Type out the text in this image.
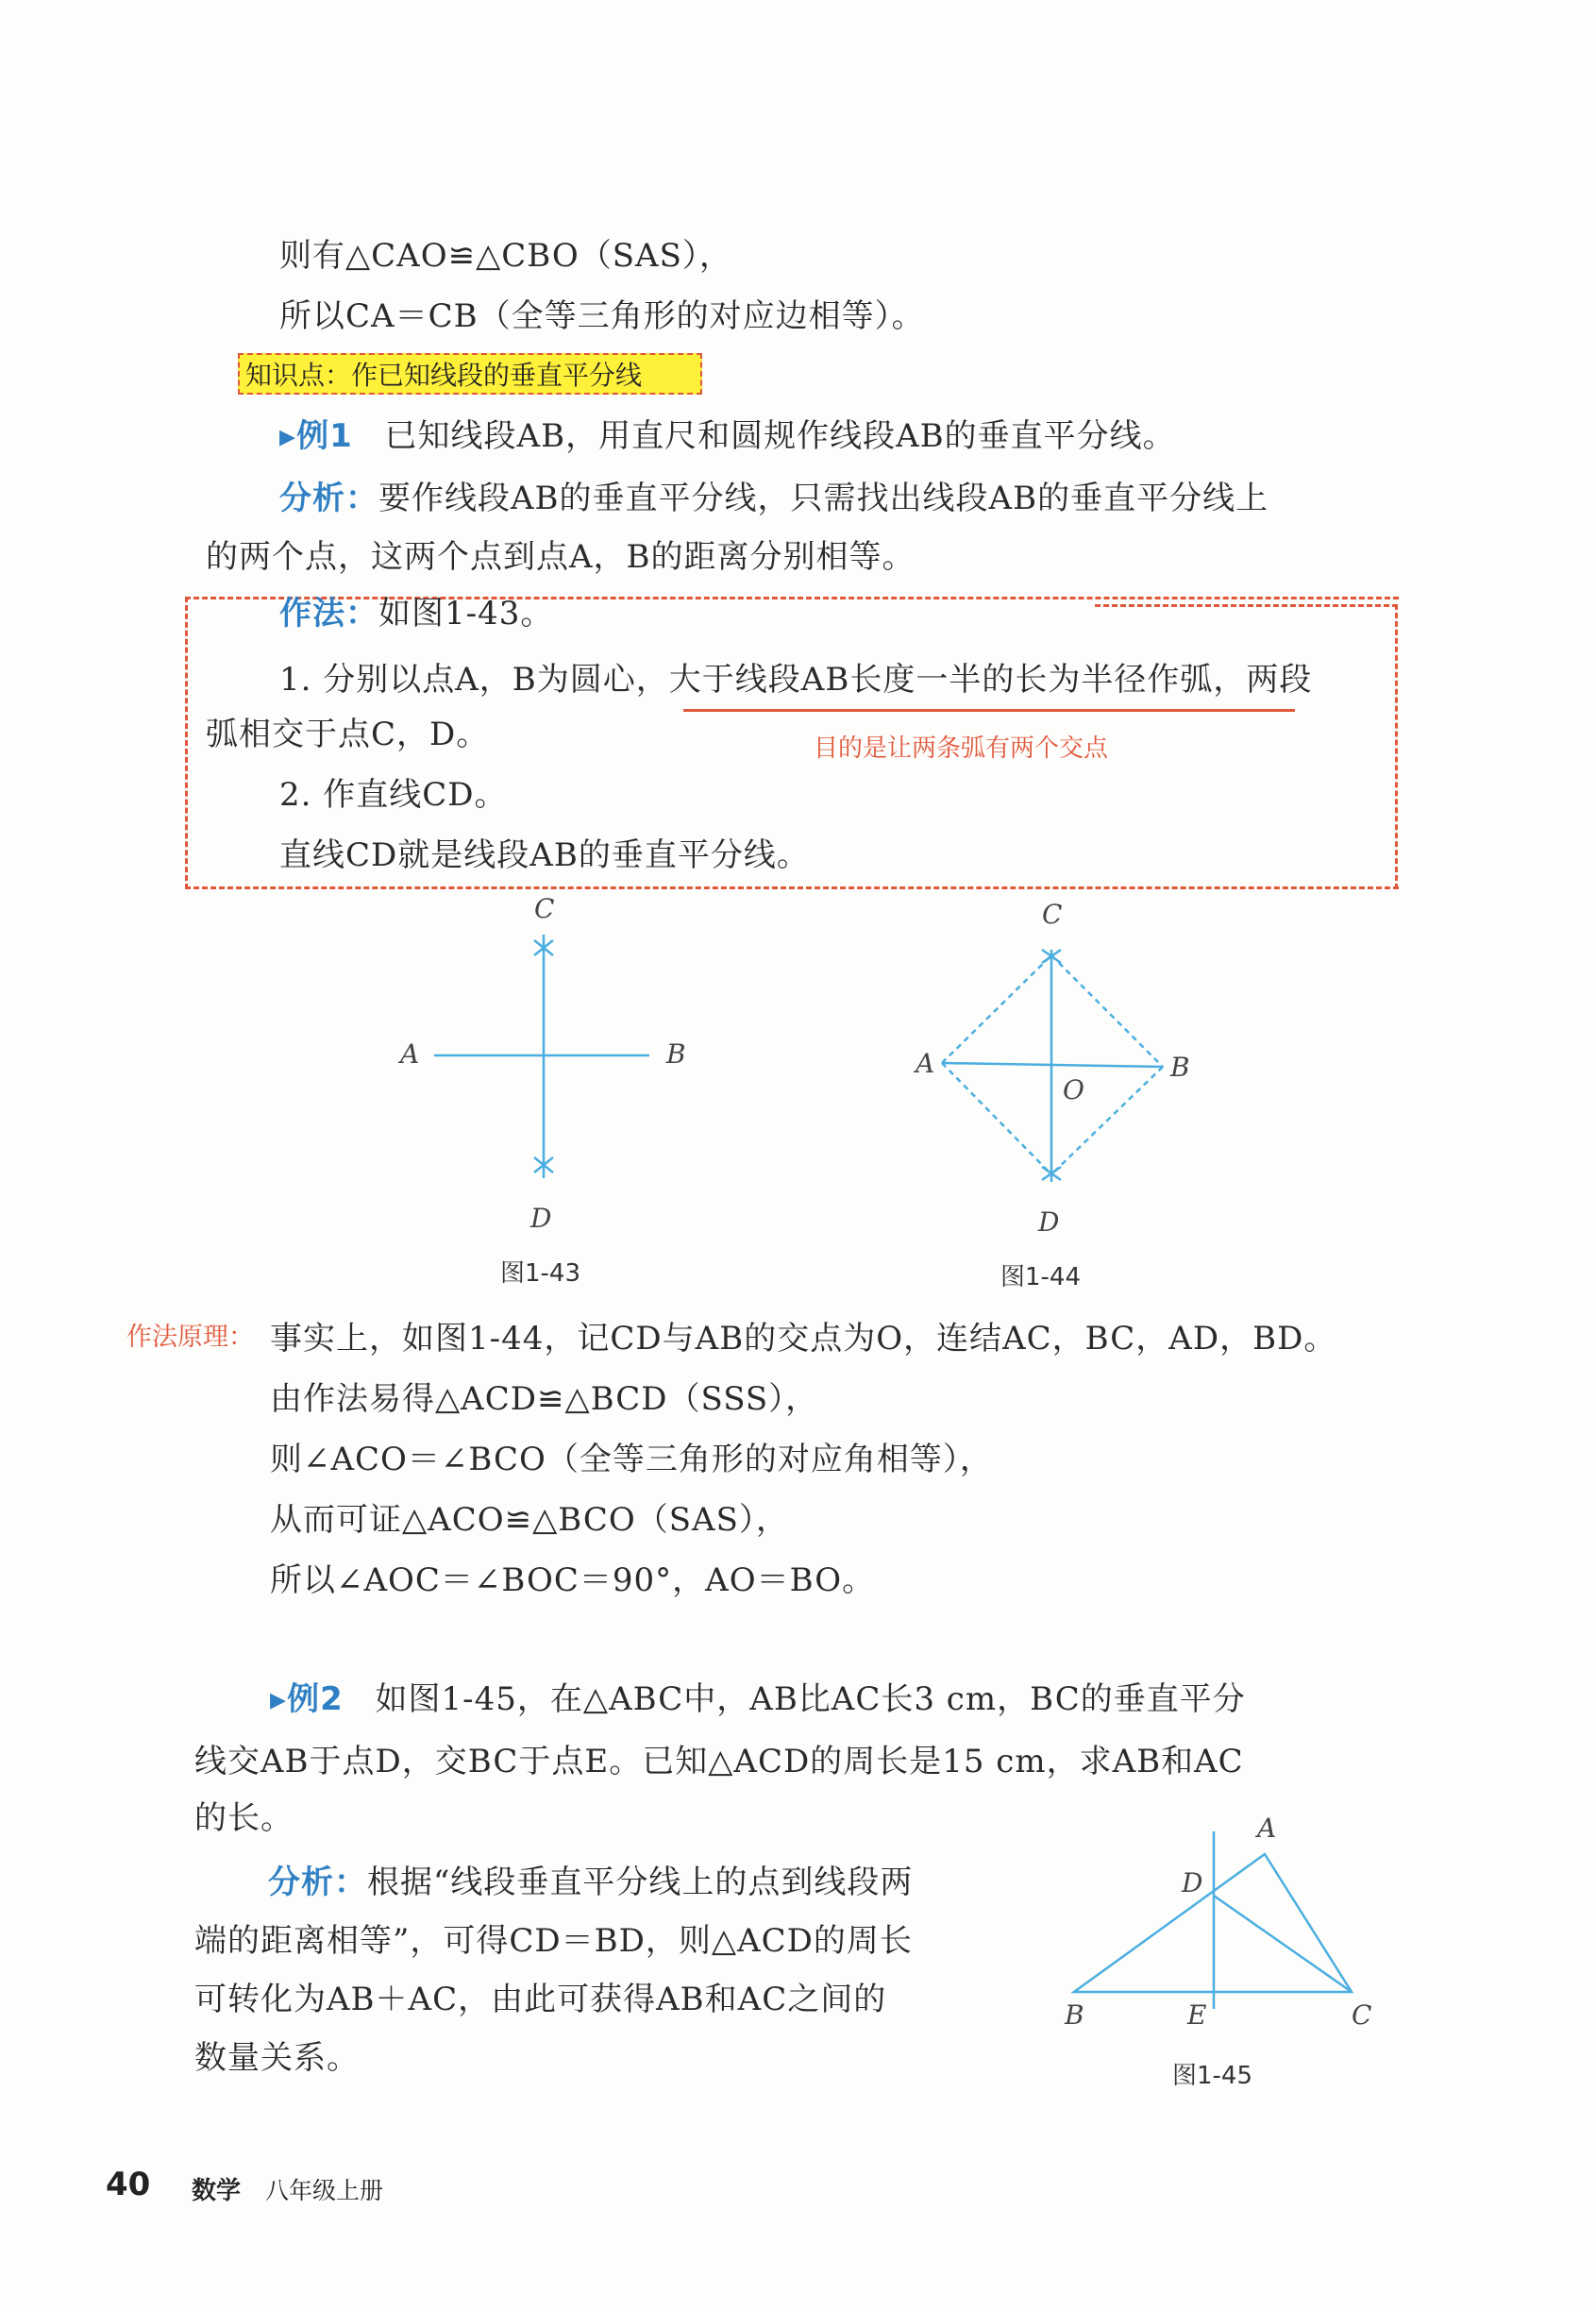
则有△CAO≌△CBO（SAS），
所以CA＝CB（全等三角形的对应边相等）。
知识点：作已知线段的垂直平分线
▸例1 已知线段AB，用直尺和圆规作线段AB的垂直平分线。
分析：要作线段AB的垂直平分线，只需找出线段AB的垂直平分线上
的两个点，这两个点到点A，B的距离分别相等。
作法：如图1-43。
1. 分别以点A，B为圆心，大于线段AB长度一半的长为半径作弧，两段
弧相交于点C，D。	目的是让两条弧有两个交点
2. 作直线CD。
直线CD就是线段AB的垂直平分线。
C
A	B
D
图1-43
C
A	B
O
D
图1-44
作法原理： 事实上，如图1-44，记CD与AB的交点为O，连结AC，BC，AD，BD。
由作法易得△ACD≌△BCD（SSS），
则∠ACO＝∠BCO（全等三角形的对应角相等），
从而可证△ACO≌△BCO（SAS），
所以∠AOC＝∠BOC＝90°，AO＝BO。
▸例2 如图1-45，在△ABC中，AB比AC长3 cm，BC的垂直平分
线交AB于点D，交BC于点E。已知△ACD的周长是15 cm，求AB和AC
的长。
分析：根据“线段垂直平分线上的点到线段两
端的距离相等”，可得CD＝BD，则△ACD的周长
可转化为AB＋AC，由此可获得AB和AC之间的
数量关系。
A
D
B	E	C
图1-45
40 数学 八年级上册
